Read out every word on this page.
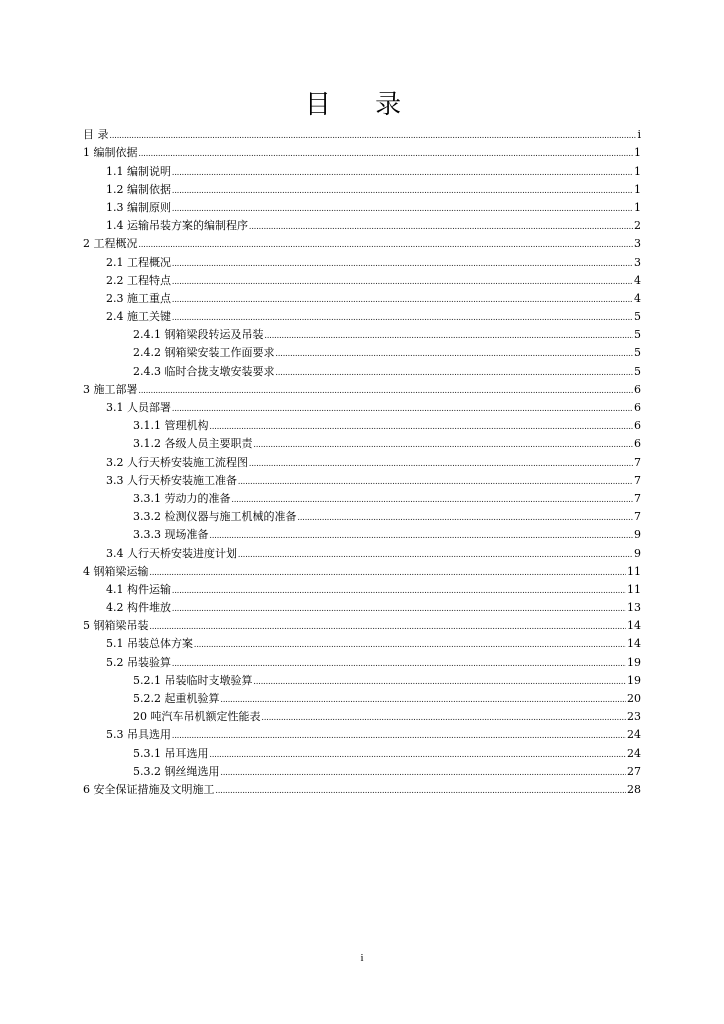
目 录
目 录 .....	i
1 编制依据 .....	1
1.1 编制说明 .....	1
1.2 编制依据 .....	1
1.3 编制原则 .....	1
1.4 运输吊装方案的编制程序 .....	2
2 工程概况 .....	3
2.1 工程概况 .....	3
2.2 工程特点 .....	4
2.3 施工重点 .....	4
2.4 施工关键 .....	5
2.4.1 钢箱梁段转运及吊装 .....	5
2.4.2 钢箱梁安装工作面要求 .....	5
2.4.3 临时合拢支墩安装要求 .....	5
3 施工部署 .....	6
3.1 人员部署 .....	6
3.1.1 管理机构 .....	6
3.1.2 各级人员主要职责 .....	6
3.2 人行天桥安装施工流程图 .....	7
3.3 人行天桥安装施工准备 .....	7
3.3.1 劳动力的准备 .....	7
3.3.2 检测仪器与施工机械的准备 .....	7
3.3.3 现场准备 .....	9
3.4 人行天桥安装进度计划 .....	9
4 钢箱梁运输 .....	11
4.1 构件运输 .....	11
4.2 构件堆放 .....	13
5 钢箱梁吊装 .....	14
5.1 吊装总体方案 .....	14
5.2 吊装验算 .....	19
5.2.1 吊装临时支墩验算 .....	19
5.2.2 起重机验算 .....	20
20 吨汽车吊机额定性能表 .....	23
5.3 吊具选用 .....	24
5.3.1 吊耳选用 .....	24
5.3.2 钢丝绳选用 .....	27
6 安全保证措施及文明施工 .....	28
i
